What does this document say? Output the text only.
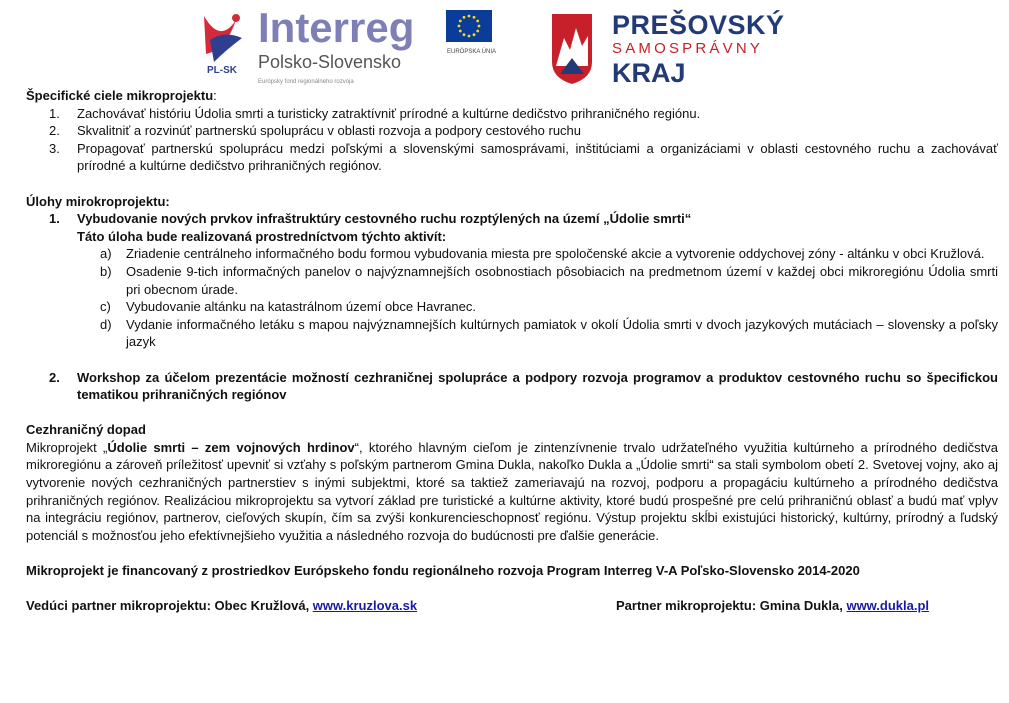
PL-SK
Interreg
Polsko-Slovensko
Európsky fond regionálneho rozvoja
EURÓPSKA ÚNIA
PREŠOVSKÝ
SAMOSPRÁVNY
KRAJ
Špecifické ciele mikroprojektu:
1. Zachovávať históriu Údolia smrti a turisticky zatraktívniť prírodné a kultúrne dedičstvo prihraničného regiónu.
2. Skvalitniť a rozvinúť partnerskú spoluprácu v oblasti rozvoja a podpory cestového ruchu
3. Propagovať partnerskú spoluprácu medzi poľskými a slovenskými samosprávami, inštitúciami a organizáciami v oblasti cestovného ruchu a zachovávať prírodné a kultúrne dedičstvo prihraničných regiónov.
Úlohy mirokroprojektu:
1. Vybudovanie nových prvkov infraštruktúry cestovného ruchu rozptýlených na území „Údolie smrti“
Táto úloha bude realizovaná prostredníctvom týchto aktivít:
a) Zriadenie centrálneho informačného bodu formou vybudovania miesta pre spoločenské akcie a vytvorenie oddychovej zóny - altánku v obci Kružlová.
b) Osadenie 9-tich informačných panelov o najvýznamnejších osobnostiach pôsobiacich na predmetnom území v každej obci mikroregiónu Údolia smrti pri obecnom úrade.
c) Vybudovanie altánku na katastrálnom území obce Havranec.
d) Vydanie informačného letáku s mapou najvýznamnejších kultúrnych pamiatok v okolí Údolia smrti v dvoch jazykových mutáciach – slovensky a poľsky jazyk
2. Workshop za účelom prezentácie možností cezhraničnej spolupráce a podpory rozvoja programov a produktov cestovného ruchu so špecifickou tematikou prihraničných regiónov
Cezhraničný dopad
Mikroprojekt „Údolie smrti – zem vojnových hrdinov“, ktorého hlavným cieľom je zintenzívnenie trvalo udržateľného využitia kultúrneho a prírodného dedičstva mikroregiónu a zároveň príležitosť upevniť si vzťahy s poľským partnerom Gmina Dukla, nakoľko Dukla a „Údolie smrti“ sa stali symbolom obetí 2. Svetovej vojny, ako aj vytvorenie nových cezhraničných partnerstiev s inými subjektmi, ktoré sa taktiež zameriavajú na rozvoj, podporu a propagáciu kultúrneho a prírodného dedičstva prihraničných regiónov. Realizáciou mikroprojektu sa vytvorí základ pre turistické a kultúrne aktivity, ktoré budú prospešné pre celú prihraničnú oblasť a budú mať vplyv na integráciu regiónov, partnerov, cieľových skupín, čím sa zvýši konkurencieschopnosť regiónu. Výstup projektu skĺbi existujúci historický, kultúrny, prírodný a ľudský potenciál s možnosťou jeho efektívnejšieho využitia a následného rozvoja do budúcnosti pre ďalšie generácie.
Mikroprojekt je financovaný z prostriedkov Európskeho fondu regionálneho rozvoja Program Interreg V-A Poľsko-Slovensko 2014-2020
Vedúci partner mikroprojektu: Obec Kružlová, www.kruzlova.sk	Partner mikroprojektu: Gmina Dukla, www.dukla.pl
